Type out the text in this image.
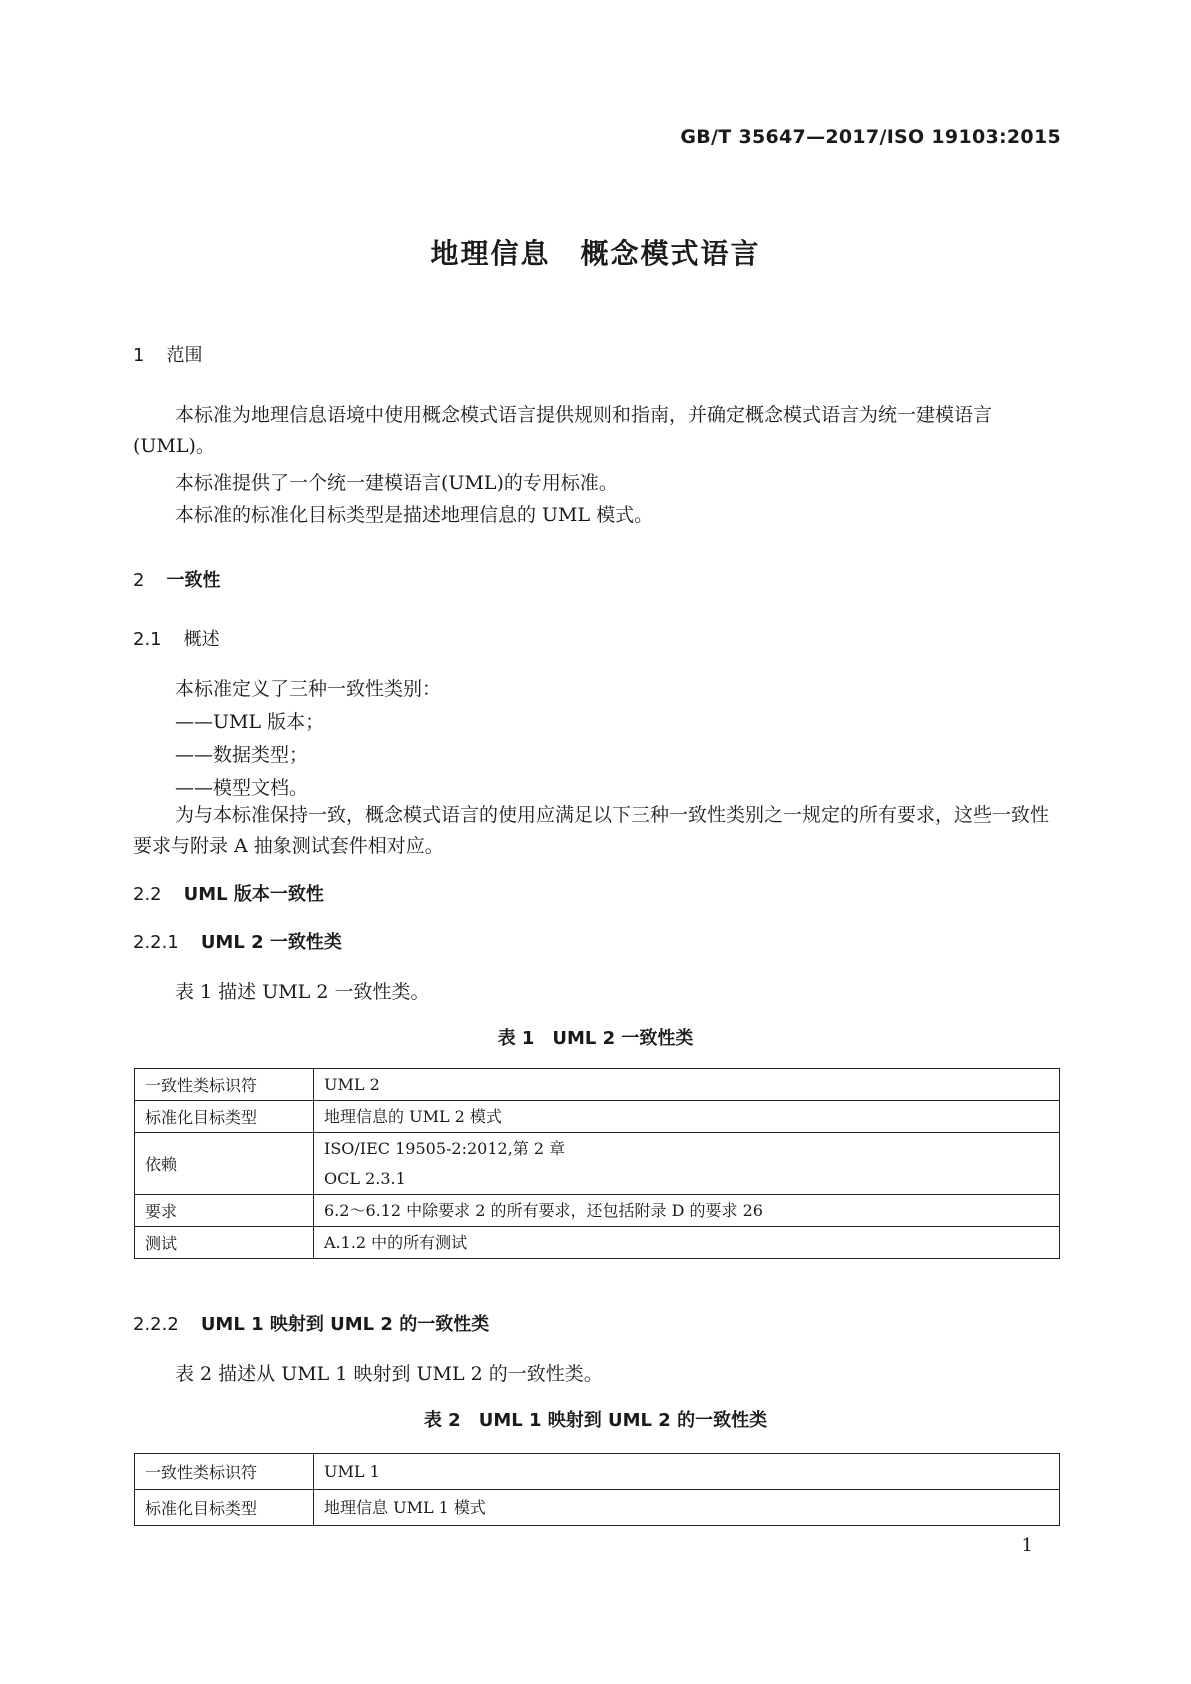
GB/T 35647—2017/ISO 19103:2015
地理信息　概念模式语言
1 范围
本标准为地理信息语境中使用概念模式语言提供规则和指南，并确定概念模式语言为统一建模语言(UML)。
本标准提供了一个统一建模语言(UML)的专用标准。
本标准的标准化目标类型是描述地理信息的 UML 模式。
2 一致性
2.1 概述
本标准定义了三种一致性类别：
——UML 版本；
——数据类型；
——模型文档。
为与本标准保持一致，概念模式语言的使用应满足以下三种一致性类别之一规定的所有要求，这些一致性要求与附录 A 抽象测试套件相对应。
2.2 UML 版本一致性
2.2.1 UML 2 一致性类
表 1 描述 UML 2 一致性类。
表 1　UML 2 一致性类
一致性类标识符	UML 2

标准化目标类型	地理信息的 UML 2 模式

依赖	ISO/IEC 19505-2:2012,第 2 章
OCL 2.3.1

要求	6.2～6.12 中除要求 2 的所有要求，还包括附录 D 的要求 26

测试	A.1.2 中的所有测试
2.2.2 UML 1 映射到 UML 2 的一致性类
表 2 描述从 UML 1 映射到 UML 2 的一致性类。
表 2　UML 1 映射到 UML 2 的一致性类
一致性类标识符	UML 1

标准化目标类型	地理信息 UML 1 模式
1
